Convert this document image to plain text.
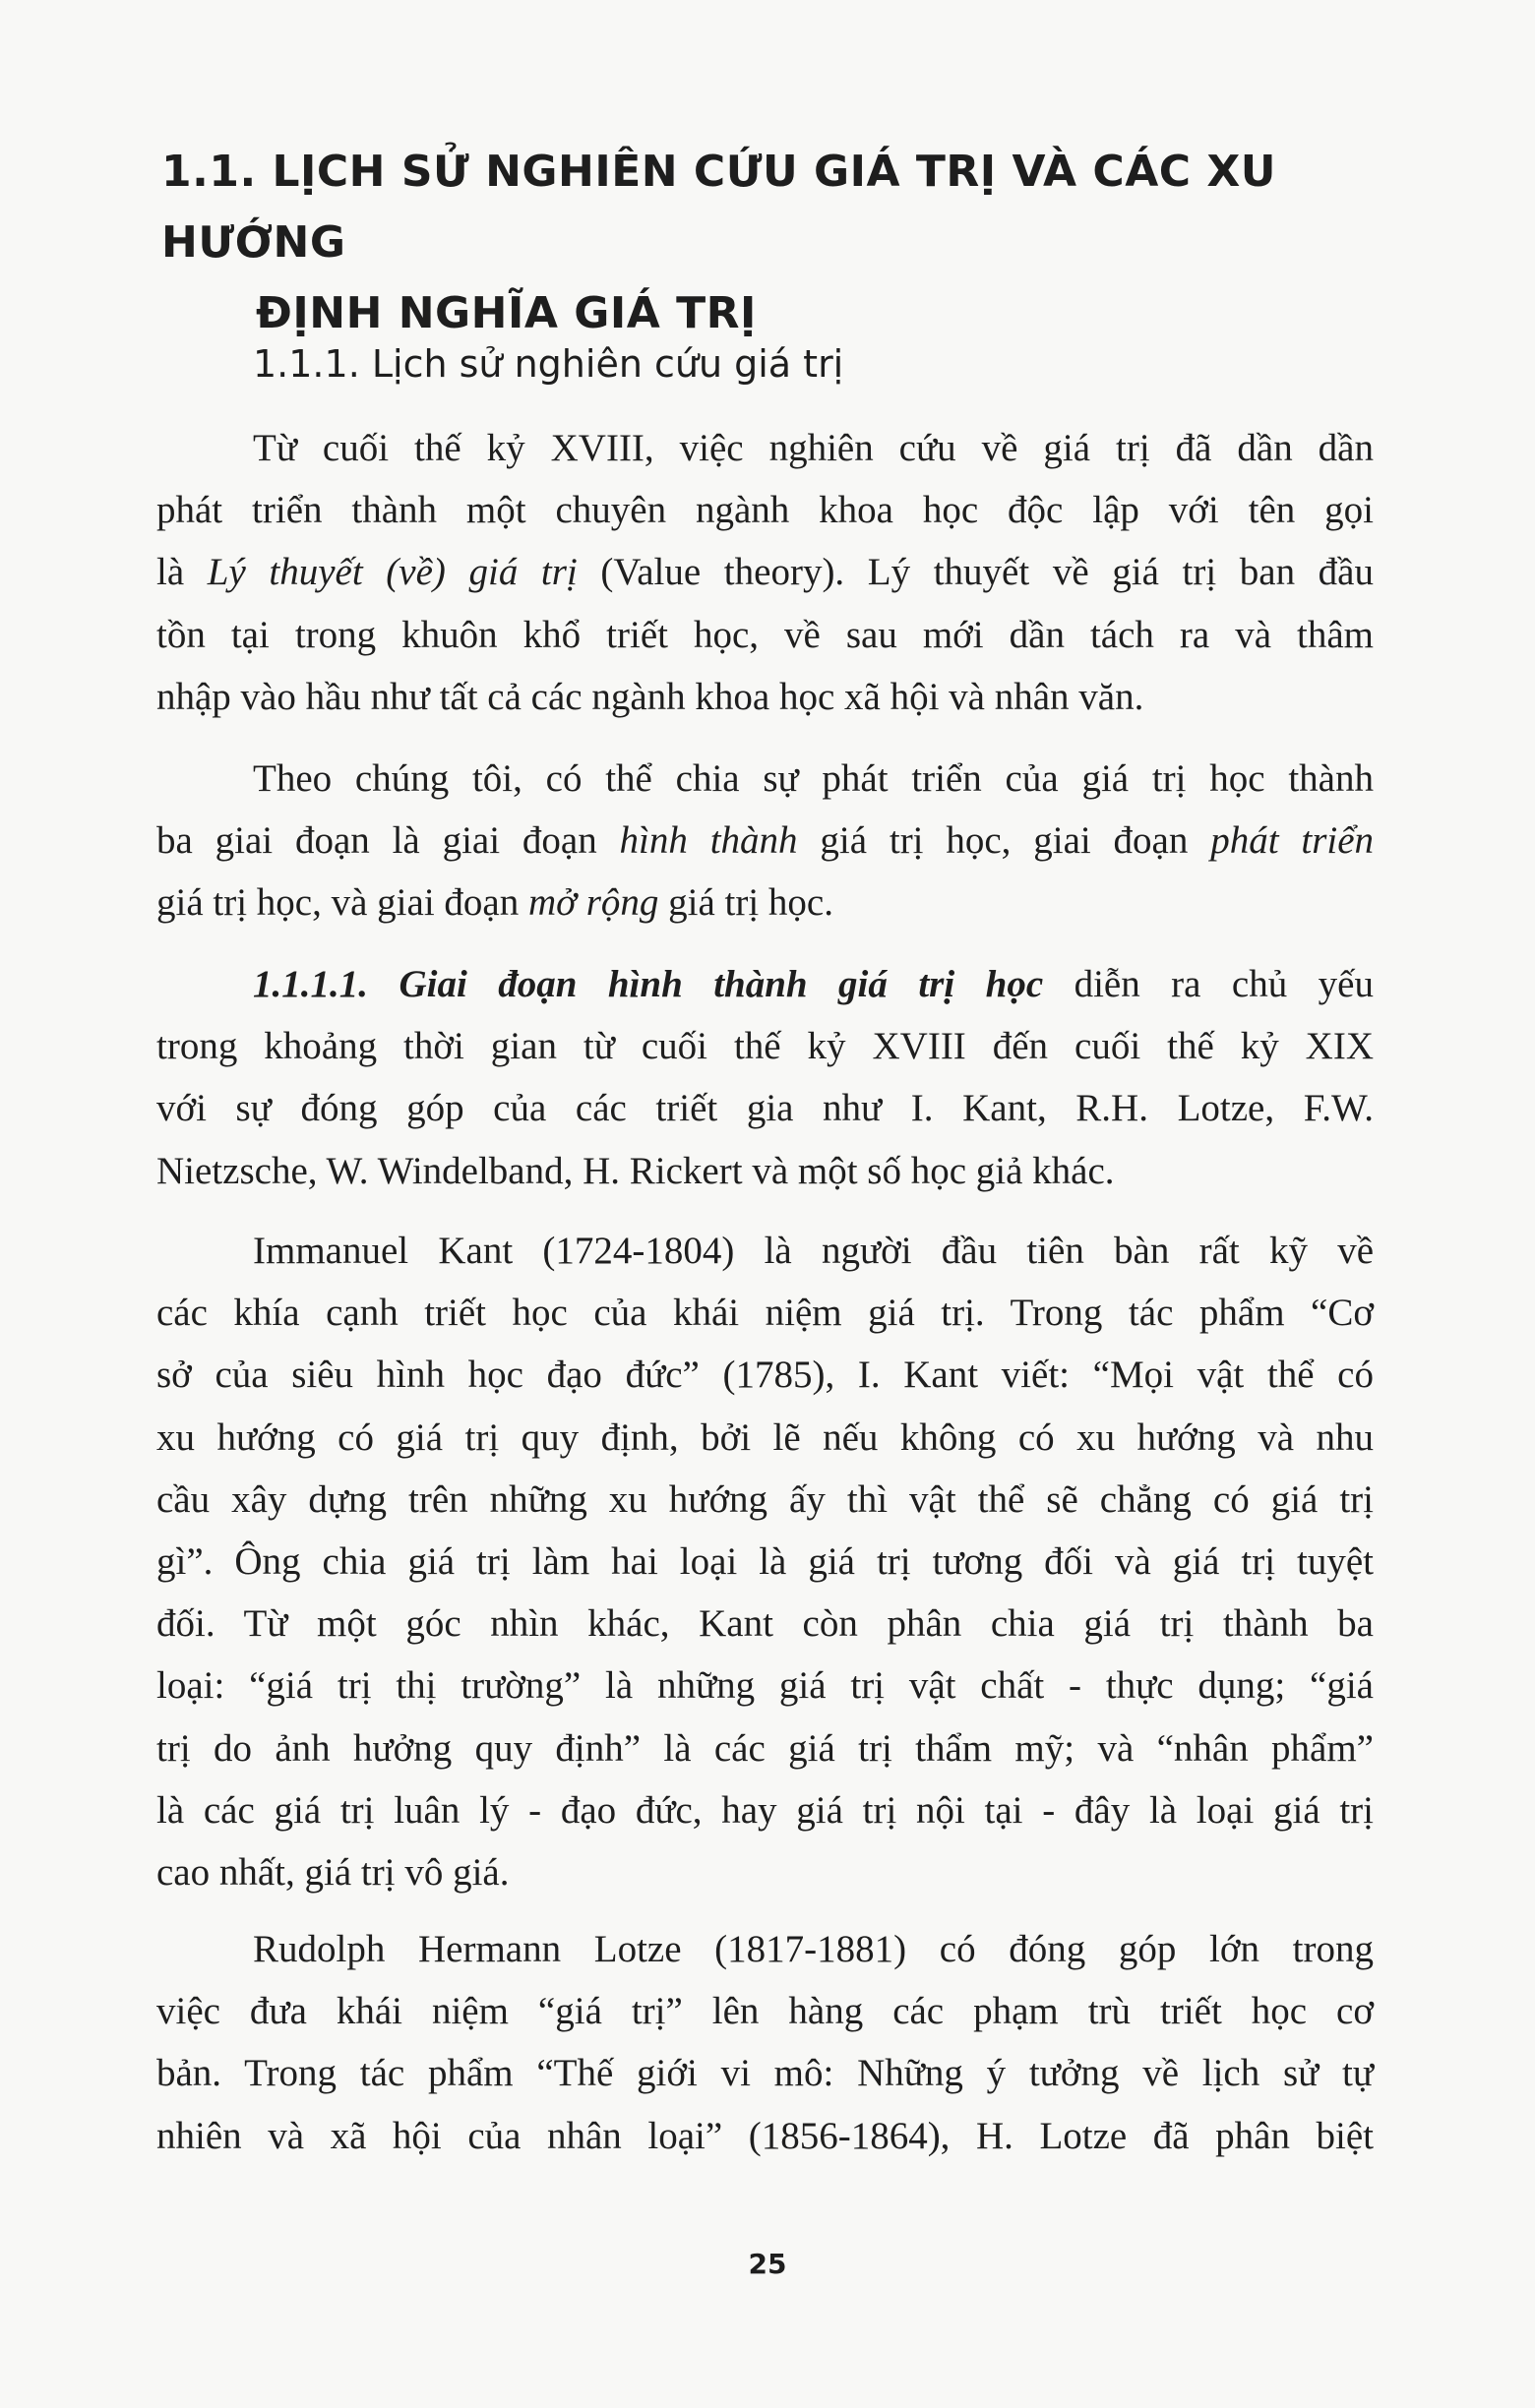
1.1. LỊCH SỬ NGHIÊN CỨU GIÁ TRỊ VÀ CÁC XU HƯỚNG
ĐỊNH NGHĨA GIÁ TRỊ
1.1.1. Lịch sử nghiên cứu giá trị
Từ cuối thế kỷ XVIII, việc nghiên cứu về giá trị đã dần dần
phát triển thành một chuyên ngành khoa học độc lập với tên gọi
là Lý thuyết (về) giá trị (Value theory). Lý thuyết về giá trị ban đầu
tồn tại trong khuôn khổ triết học, về sau mới dần tách ra và thâm
nhập vào hầu như tất cả các ngành khoa học xã hội và nhân văn.
Theo chúng tôi, có thể chia sự phát triển của giá trị học thành
ba giai đoạn là giai đoạn hình thành giá trị học, giai đoạn phát triển
giá trị học, và giai đoạn mở rộng giá trị học.
1.1.1.1. Giai đoạn hình thành giá trị học diễn ra chủ yếu
trong khoảng thời gian từ cuối thế kỷ XVIII đến cuối thế kỷ XIX
với sự đóng góp của các triết gia như I. Kant, R.H. Lotze, F.W.
Nietzsche, W. Windelband, H. Rickert và một số học giả khác.
Immanuel Kant (1724-1804) là người đầu tiên bàn rất kỹ về
các khía cạnh triết học của khái niệm giá trị. Trong tác phẩm “Cơ
sở của siêu hình học đạo đức” (1785), I. Kant viết: “Mọi vật thể có
xu hướng có giá trị quy định, bởi lẽ nếu không có xu hướng và nhu
cầu xây dựng trên những xu hướng ấy thì vật thể sẽ chẳng có giá trị
gì”. Ông chia giá trị làm hai loại là giá trị tương đối và giá trị tuyệt
đối. Từ một góc nhìn khác, Kant còn phân chia giá trị thành ba
loại: “giá trị thị trường” là những giá trị vật chất - thực dụng; “giá
trị do ảnh hưởng quy định” là các giá trị thẩm mỹ; và “nhân phẩm”
là các giá trị luân lý - đạo đức, hay giá trị nội tại - đây là loại giá trị
cao nhất, giá trị vô giá.
Rudolph Hermann Lotze (1817-1881) có đóng góp lớn trong
việc đưa khái niệm “giá trị” lên hàng các phạm trù triết học cơ
bản. Trong tác phẩm “Thế giới vi mô: Những ý tưởng về lịch sử tự
nhiên và xã hội của nhân loại” (1856-1864), H. Lotze đã phân biệt
25
